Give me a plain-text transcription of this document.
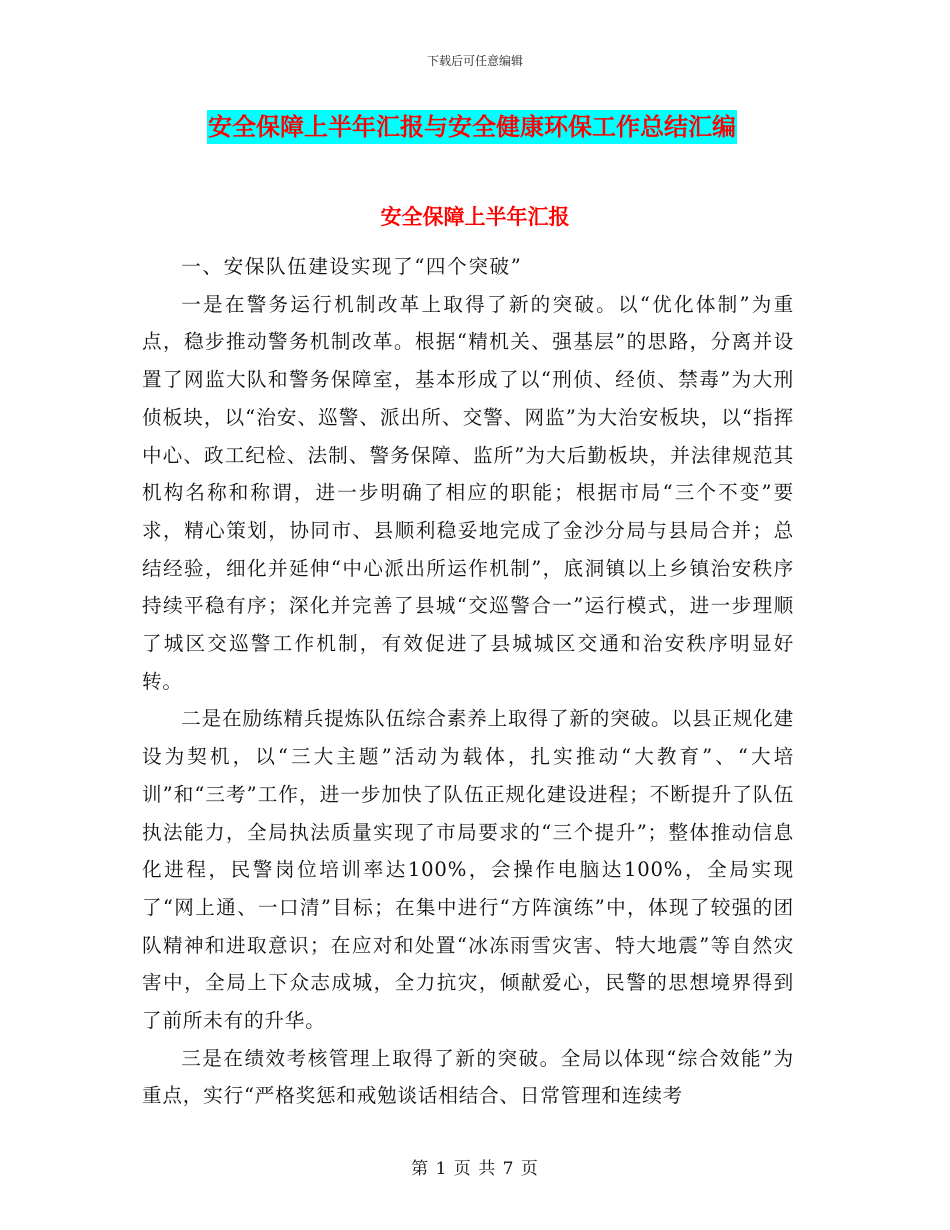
下载后可任意编辑
安全保障上半年汇报与安全健康环保工作总结汇编
安全保障上半年汇报

一、安保队伍建设实现了“四个突破”

一是在警务运行机制改革上取得了新的突破。以“优化体制”为重点，稳步推动警务机制改革。根据“精机关、强基层”的思路，分离并设置了网监大队和警务保障室，基本形成了以“刑侦、经侦、禁毒”为大刑侦板块，以“治安、巡警、派出所、交警、网监”为大治安板块，以“指挥中心、政工纪检、法制、警务保障、监所”为大后勤板块，并法律规范其机构名称和称谓，进一步明确了相应的职能；根据市局“三个不变”要求，精心策划，协同市、县顺利稳妥地完成了金沙分局与县局合并；总结经验，细化并延伸“中心派出所运作机制”，底洞镇以上乡镇治安秩序持续平稳有序；深化并完善了县城“交巡警合一”运行模式，进一步理顺了城区交巡警工作机制，有效促进了县城城区交通和治安秩序明显好转。

二是在励练精兵提炼队伍综合素养上取得了新的突破。以县正规化建设为契机，以“三大主题”活动为载体，扎实推动“大教育”、“大培训”和“三考”工作，进一步加快了队伍正规化建设进程；不断提升了队伍执法能力，全局执法质量实现了市局要求的“三个提升”；整体推动信息化进程，民警岗位培训率达100%，会操作电脑达100%，全局实现了“网上通、一口清”目标；在集中进行“方阵演练”中，体现了较强的团队精神和进取意识；在应对和处置“冰冻雨雪灾害、特大地震”等自然灾害中，全局上下众志成城，全力抗灾，倾献爱心，民警的思想境界得到了前所未有的升华。

三是在绩效考核管理上取得了新的突破。全局以体现“综合效能”为重点，实行“严格奖惩和戒勉谈话相结合、日常管理和连续考

第 1 页 共 7 页
